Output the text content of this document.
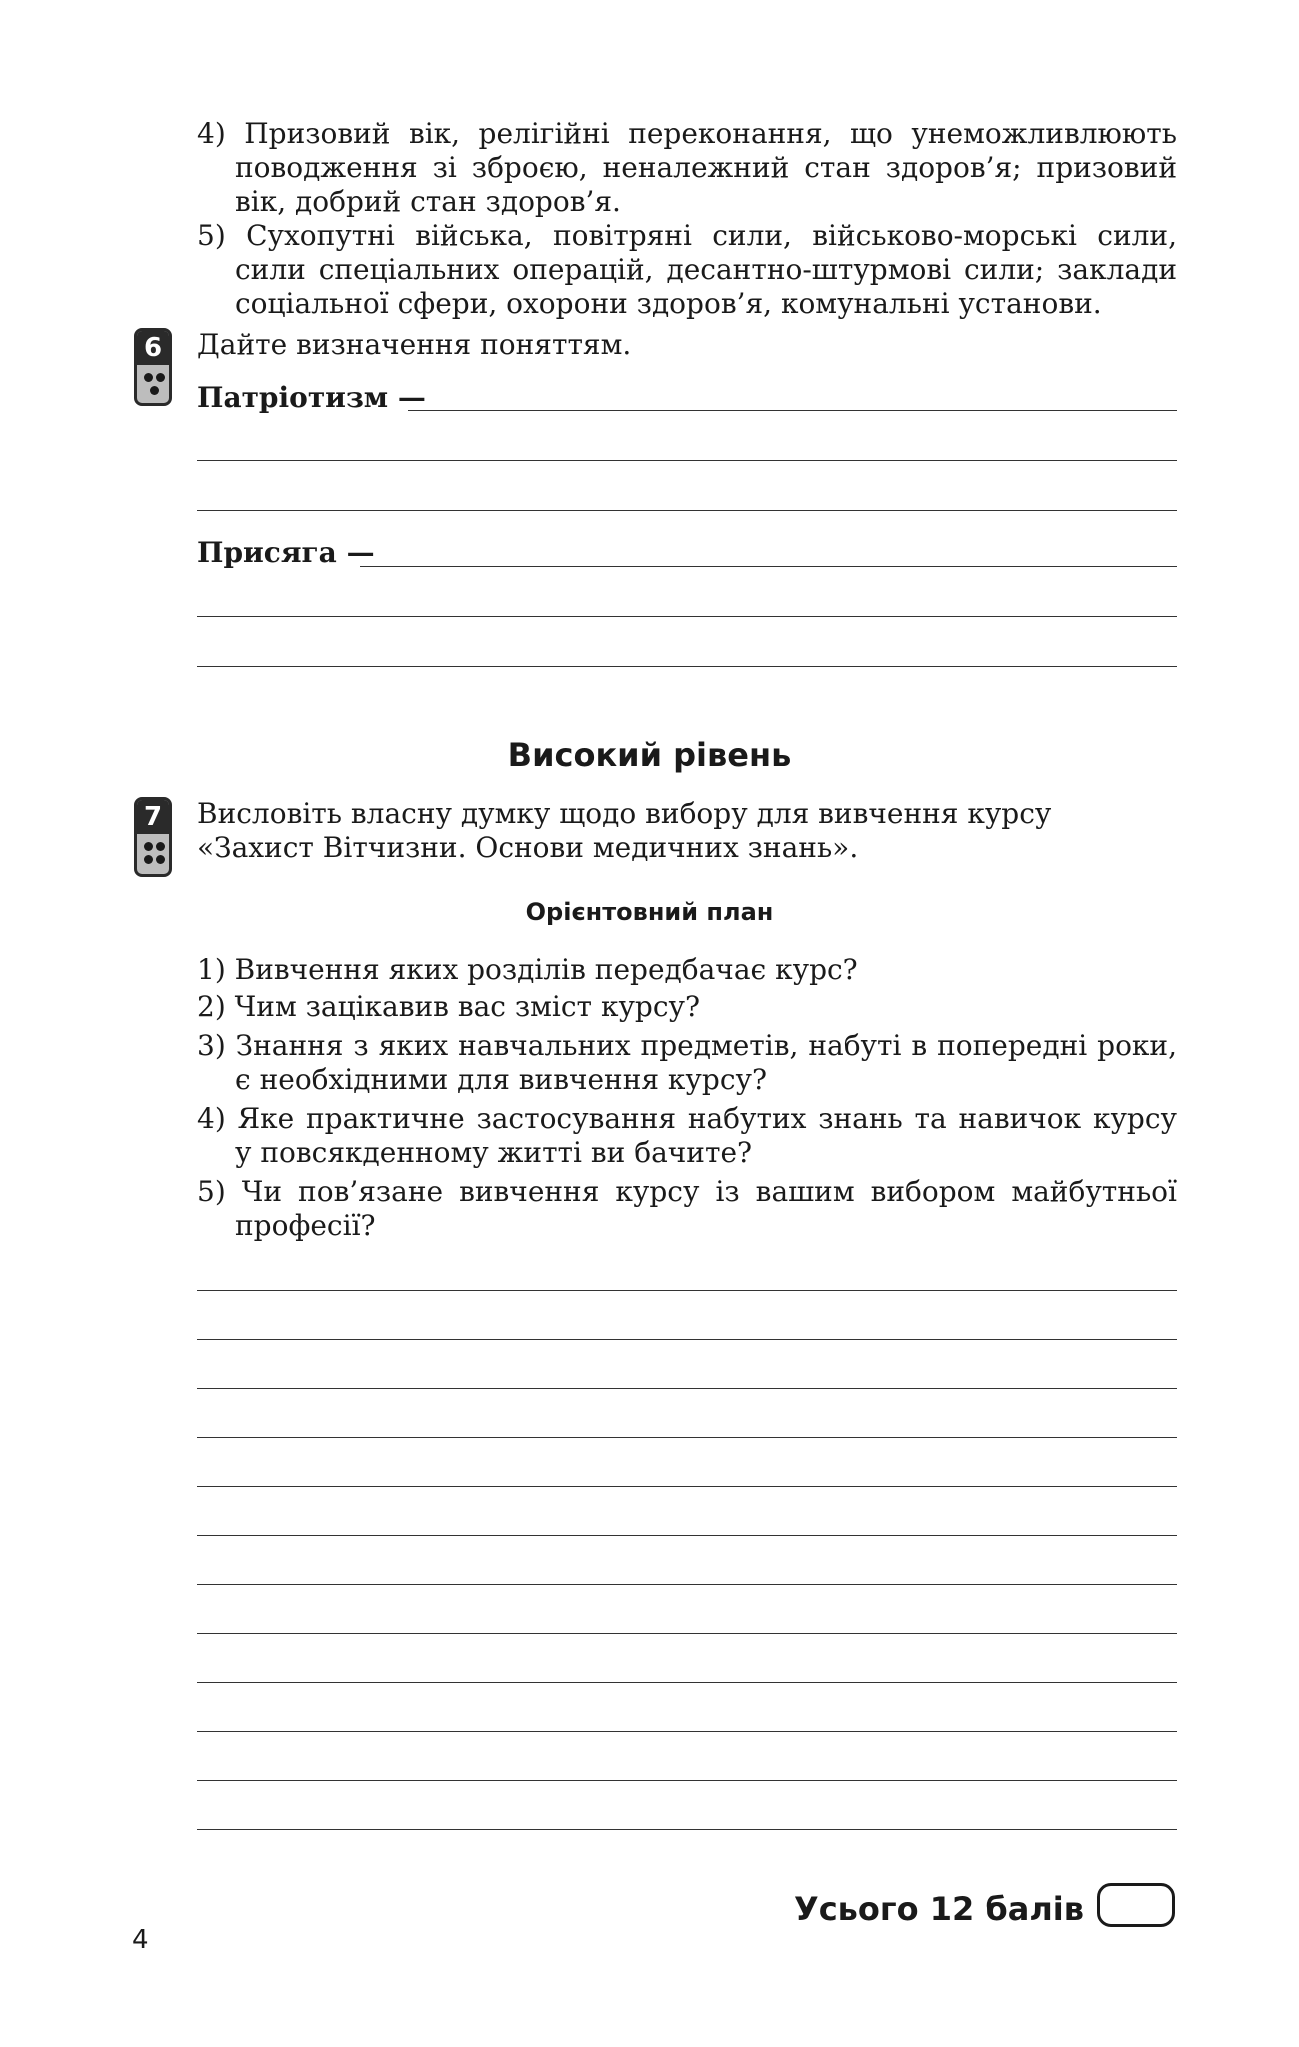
4) Призовий вік, релігійні переконання, що унеможливлюють поводження зі зброєю, неналежний стан здоров’я; призовий вік, добрий стан здоров’я.
5) Сухопутні війська, повітряні сили, військово-морські сили, сили спеціальних операцій, десантно-штурмові сили; заклади соціальної сфери, охорони здоров’я, комунальні установи.
6 Дайте визначення поняттям.
Патріотизм —
Присяга —
Високий рівень
7 Висловіть власну думку щодо вибору для вивчення курсу «Захист Вітчизни. Основи медичних знань».
Орієнтовний план
1) Вивчення яких розділів передбачає курс?
2) Чим зацікавив вас зміст курсу?
3) Знання з яких навчальних предметів, набуті в попередні роки, є необхідними для вивчення курсу?
4) Яке практичне застосування набутих знань та навичок курсу у повсякденному житті ви бачите?
5) Чи пов’язане вивчення курсу із вашим вибором майбутньої професії?
Усього 12 балів
4
